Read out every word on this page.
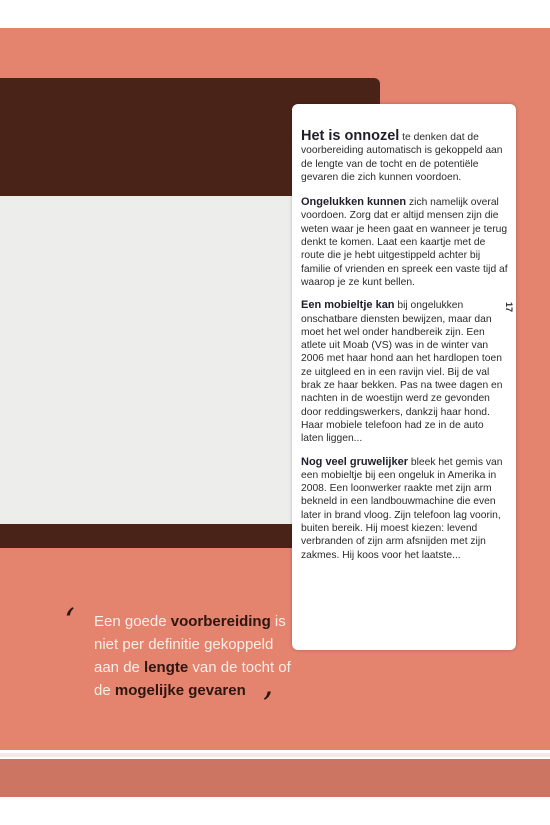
Het is onnozel te denken dat de voorbereiding automatisch is gekoppeld aan de lengte van de tocht en de potentiële gevaren die zich kunnen voordoen.

Ongelukken kunnen zich namelijk overal voordoen. Zorg dat er altijd mensen zijn die weten waar je heen gaat en wanneer je terug denkt te komen. Laat een kaartje met de route die je hebt uitgestippeld achter bij familie of vrienden en spreek een vaste tijd af waarop je ze kunt bellen.

Een mobieltje kan bij ongelukken onschatbare diensten bewijzen, maar dan moet het wel onder handbereik zijn. Een atlete uit Moab (VS) was in de winter van 2006 met haar hond aan het hardlopen toen ze uitgleed en in een ravijn viel. Bij de val brak ze haar bekken. Pas na twee dagen en nachten in de woestijn werd ze gevonden door reddingswerkers, dankzij haar hond. Haar mobiele telefoon had ze in de auto laten liggen...

Nog veel gruwelijker bleek het gemis van een mobieltje bij een ongeluk in Amerika in 2008. Een loonwerker raakte met zijn arm bekneld in een landbouwmachine die even later in brand vloog. Zijn telefoon lag voorin, buiten bereik. Hij moest kiezen: levend verbranden of zijn arm afsnijden met zijn zakmes. Hij koos voor het laatste...

17
‘ Een goede voorbereiding is niet per definitie gekoppeld aan de lengte van de tocht of de mogelijke gevaren ’
